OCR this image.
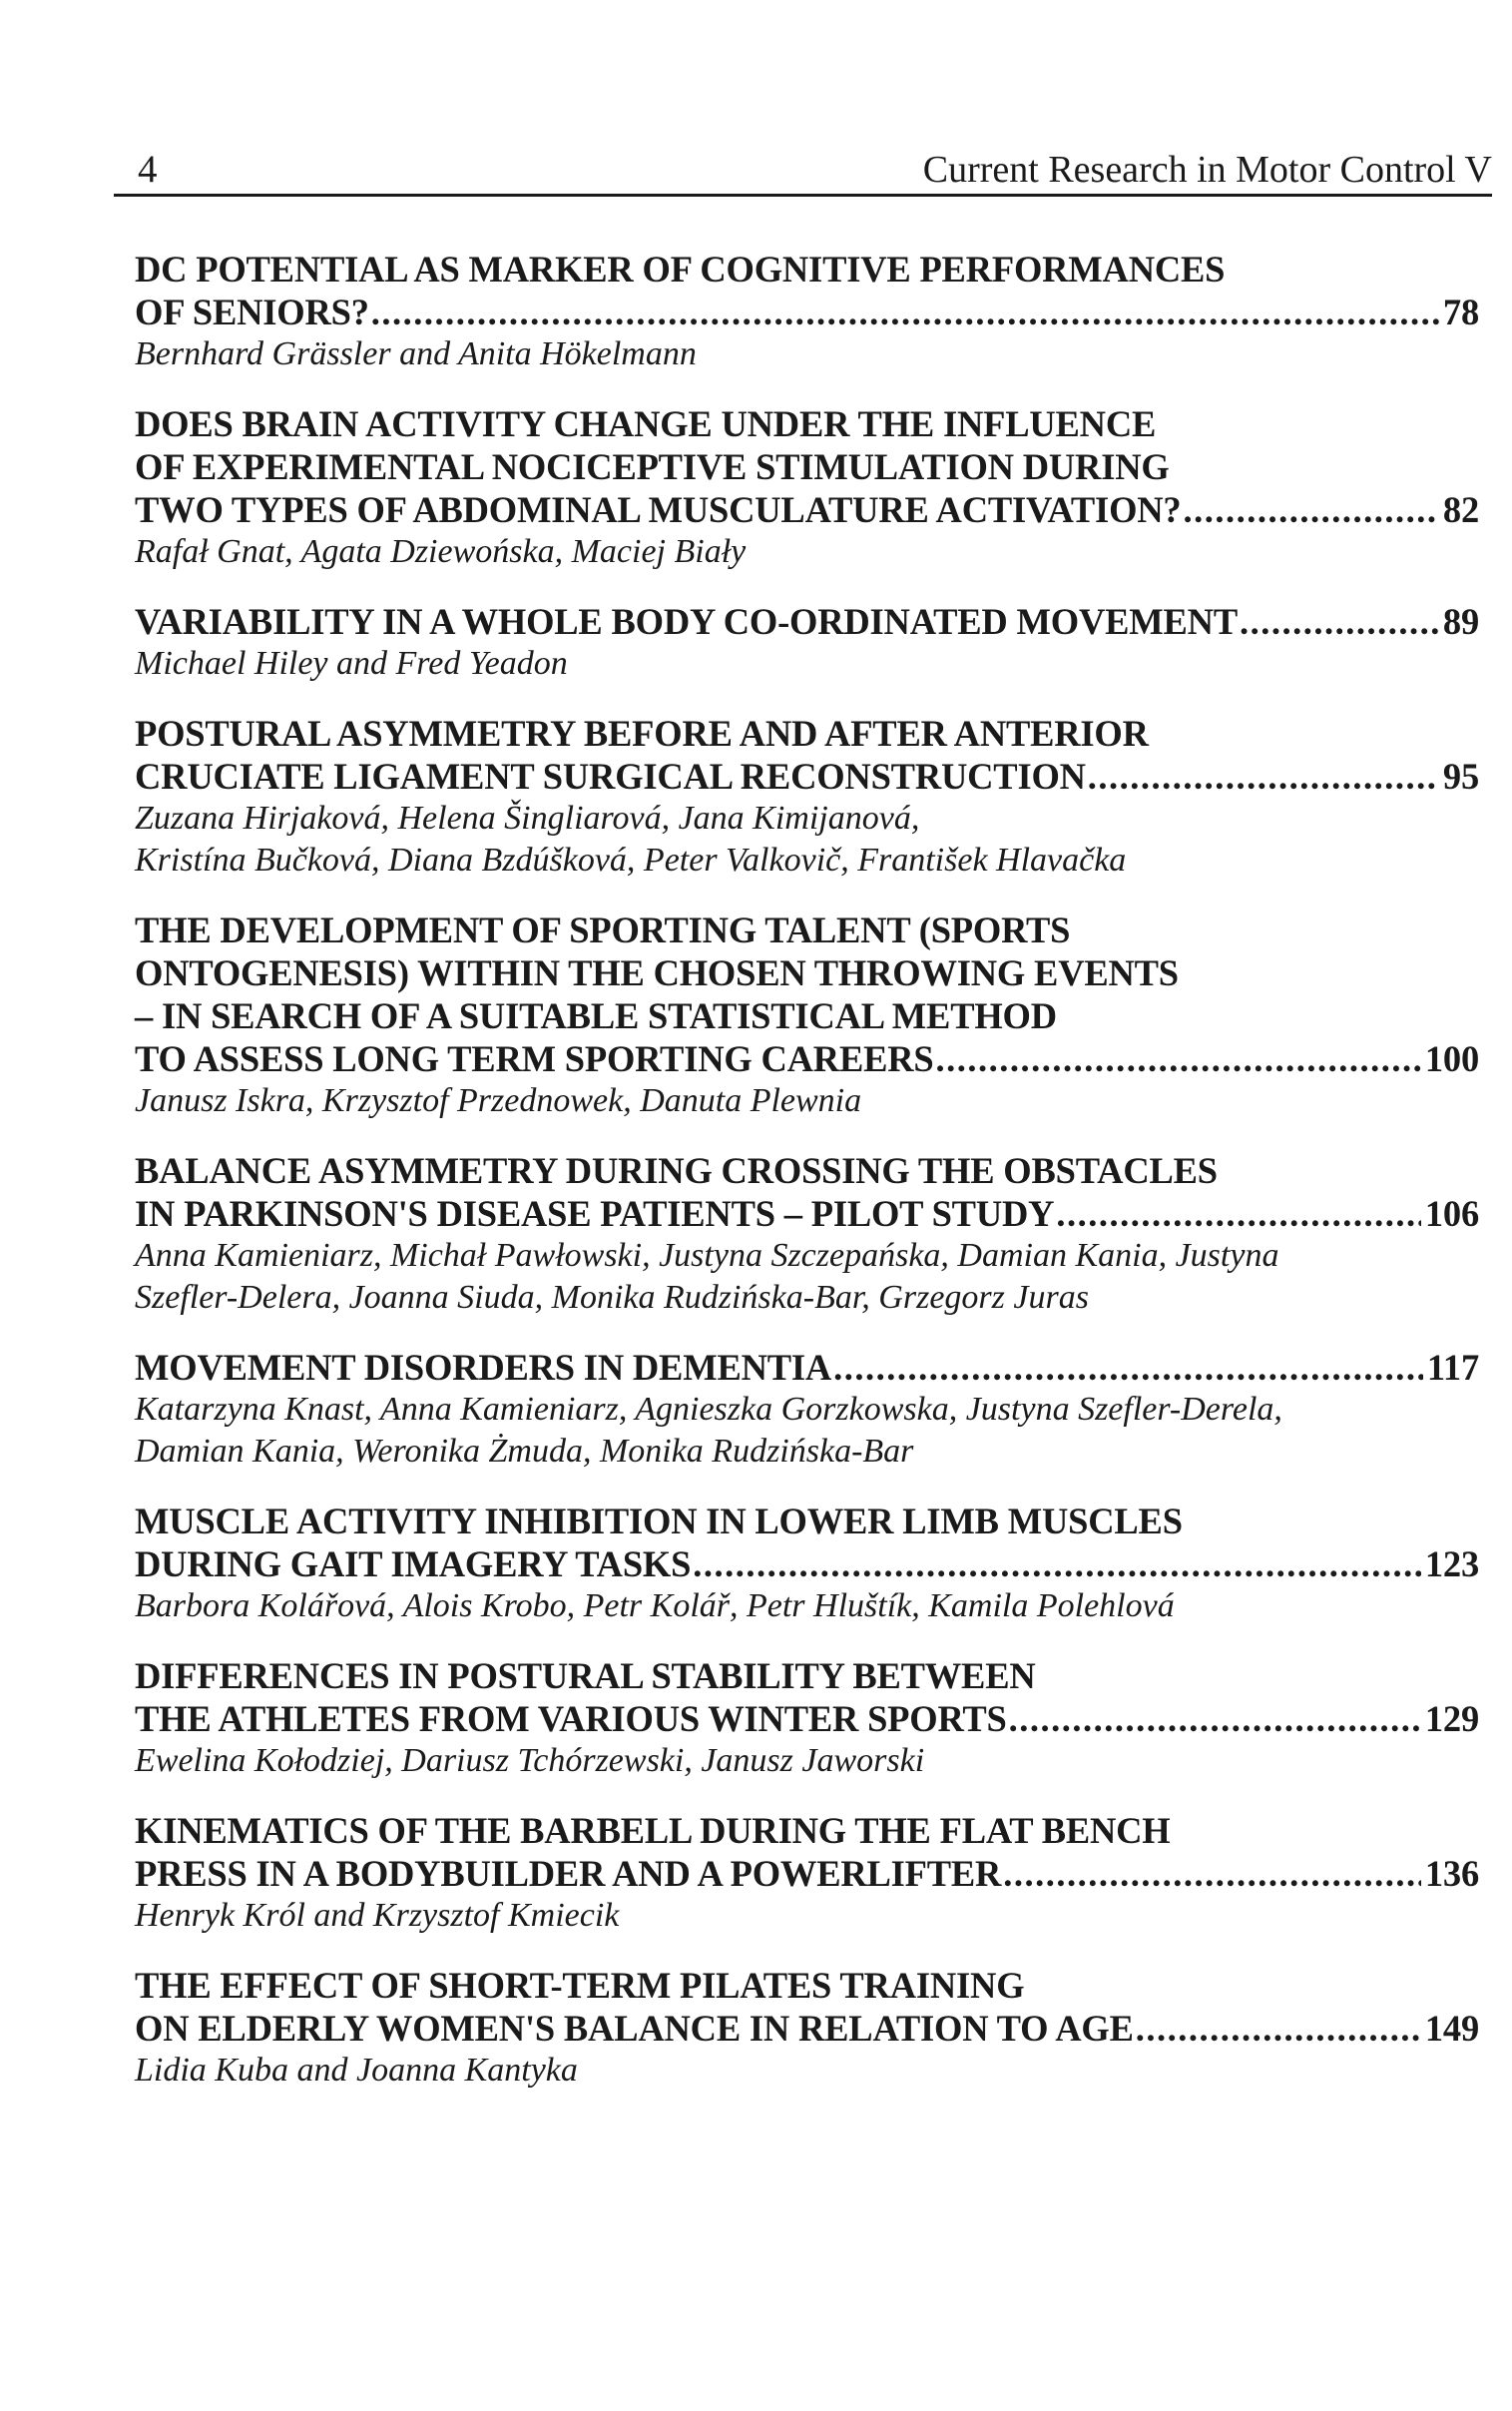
4	Current Research in Motor Control V
DC POTENTIAL AS MARKER OF COGNITIVE PERFORMANCES
OF SENIORS? .....	78
Bernhard Grässler and Anita Hökelmann
DOES BRAIN ACTIVITY CHANGE UNDER THE INFLUENCE
OF EXPERIMENTAL NOCICEPTIVE STIMULATION DURING
TWO TYPES OF ABDOMINAL MUSCULATURE ACTIVATION? .....	82
Rafał Gnat, Agata Dziewońska, Maciej Biały
VARIABILITY IN A WHOLE BODY CO-ORDINATED MOVEMENT .....	89
Michael Hiley and Fred Yeadon
POSTURAL ASYMMETRY BEFORE AND AFTER ANTERIOR
CRUCIATE LIGAMENT SURGICAL RECONSTRUCTION .....	95
Zuzana Hirjaková, Helena Šingliarová, Jana Kimijanová,
Kristína Bučková, Diana Bzdúšková, Peter Valkovič, František Hlavačka
THE DEVELOPMENT OF SPORTING TALENT (SPORTS
ONTOGENESIS) WITHIN THE CHOSEN THROWING EVENTS
– IN SEARCH OF A SUITABLE STATISTICAL METHOD
TO ASSESS LONG TERM SPORTING CAREERS .....	100
Janusz Iskra, Krzysztof Przednowek, Danuta Plewnia
BALANCE ASYMMETRY DURING CROSSING THE OBSTACLES
IN PARKINSON'S DISEASE PATIENTS – PILOT STUDY .....	106
Anna Kamieniarz, Michał Pawłowski, Justyna Szczepańska, Damian Kania, Justyna
Szefler-Delera, Joanna Siuda, Monika Rudzińska-Bar, Grzegorz Juras
MOVEMENT DISORDERS IN DEMENTIA .....	117
Katarzyna Knast, Anna Kamieniarz, Agnieszka Gorzkowska, Justyna Szefler-Derela,
Damian Kania, Weronika Żmuda, Monika Rudzińska-Bar
MUSCLE ACTIVITY INHIBITION IN LOWER LIMB MUSCLES
DURING GAIT IMAGERY TASKS .....	123
Barbora Kolářová, Alois Krobo, Petr Kolář, Petr Hluštík, Kamila Polehlová
DIFFERENCES IN POSTURAL STABILITY BETWEEN
THE ATHLETES FROM VARIOUS WINTER SPORTS .....	129
Ewelina Kołodziej, Dariusz Tchórzewski, Janusz Jaworski
KINEMATICS OF THE BARBELL DURING THE FLAT BENCH
PRESS IN A BODYBUILDER AND A POWERLIFTER .....	136
Henryk Król and Krzysztof Kmiecik
THE EFFECT OF SHORT-TERM PILATES TRAINING
ON ELDERLY WOMEN'S BALANCE IN RELATION TO AGE .....	149
Lidia Kuba and Joanna Kantyka
